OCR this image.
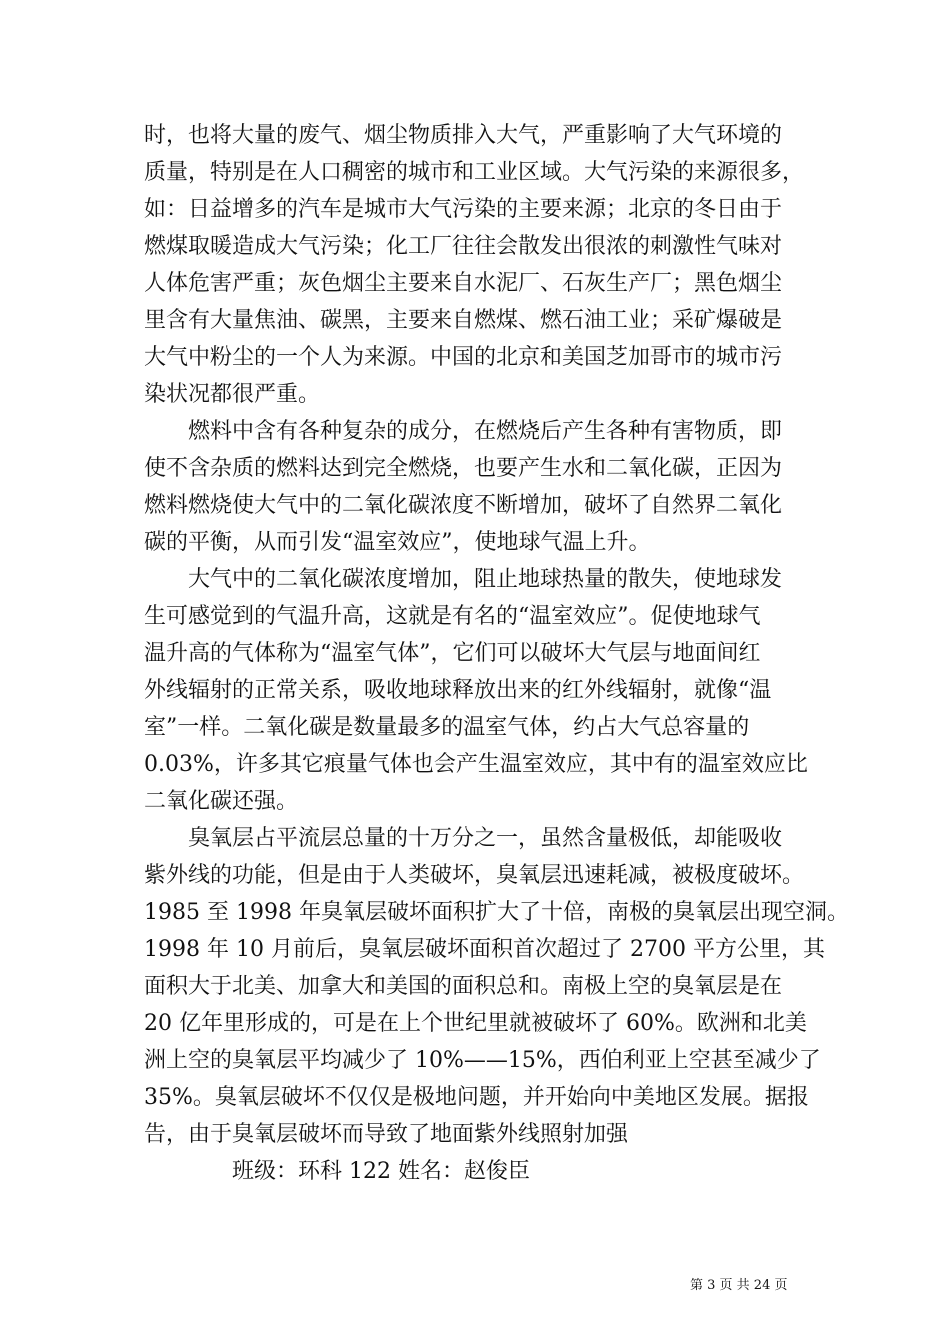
时，也将大量的废气、烟尘物质排入大气，严重影响了大气环境的
质量，特别是在人口稠密的城市和工业区域。大气污染的来源很多，
如：日益增多的汽车是城市大气污染的主要来源；北京的冬日由于
燃煤取暖造成大气污染；化工厂往往会散发出很浓的刺激性气味对
人体危害严重；灰色烟尘主要来自水泥厂、石灰生产厂；黑色烟尘
里含有大量焦油、碳黑，主要来自燃煤、燃石油工业；采矿爆破是
大气中粉尘的一个人为来源。中国的北京和美国芝加哥市的城市污
染状况都很严重。
燃料中含有各种复杂的成分，在燃烧后产生各种有害物质，即
使不含杂质的燃料达到完全燃烧，也要产生水和二氧化碳，正因为
燃料燃烧使大气中的二氧化碳浓度不断增加，破坏了自然界二氧化
碳的平衡，从而引发“温室效应”，使地球气温上升。
大气中的二氧化碳浓度增加，阻止地球热量的散失，使地球发
生可感觉到的气温升高，这就是有名的“温室效应”。促使地球气
温升高的气体称为“温室气体”，它们可以破坏大气层与地面间红
外线辐射的正常关系，吸收地球释放出来的红外线辐射，就像“温
室”一样。二氧化碳是数量最多的温室气体，约占大气总容量的
0.03%，许多其它痕量气体也会产生温室效应，其中有的温室效应比
二氧化碳还强。
臭氧层占平流层总量的十万分之一，虽然含量极低，却能吸收
紫外线的功能，但是由于人类破坏，臭氧层迅速耗减，被极度破坏。
1985 至 1998 年臭氧层破坏面积扩大了十倍，南极的臭氧层出现空洞。
1998 年 10 月前后，臭氧层破坏面积首次超过了 2700 平方公里，其
面积大于北美、加拿大和美国的面积总和。南极上空的臭氧层是在
20 亿年里形成的，可是在上个世纪里就被破坏了 60%。欧洲和北美
洲上空的臭氧层平均减少了 10%——15%，西伯利亚上空甚至减少了
35%。臭氧层破坏不仅仅是极地问题，并开始向中美地区发展。据报
告，由于臭氧层破坏而导致了地面紫外线照射加强
班级：环科 122 姓名：赵俊臣
第 3 页 共 24 页
